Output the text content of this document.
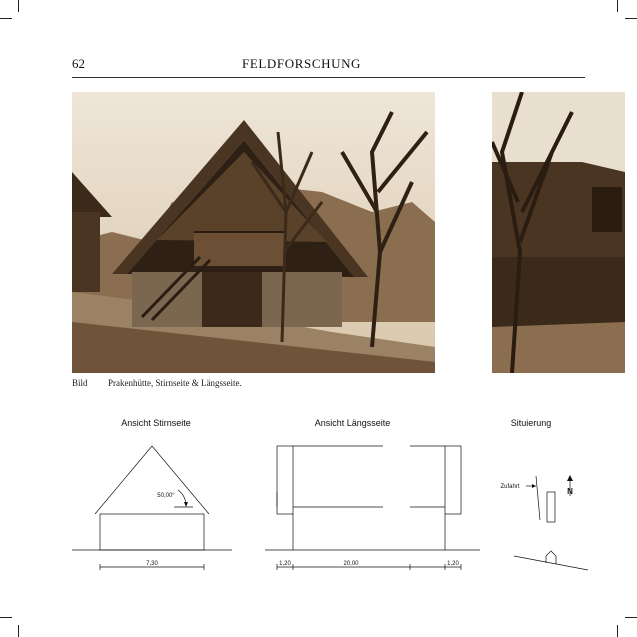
62	FELDFORSCHUNG
Bild Prakenhütte, Stirnseite & Längsseite.
Ansicht Stirnseite	Ansicht Längsseite	Situierung
50,00°
7,30	1,20	20,00	1,20
Zufahrt	N
